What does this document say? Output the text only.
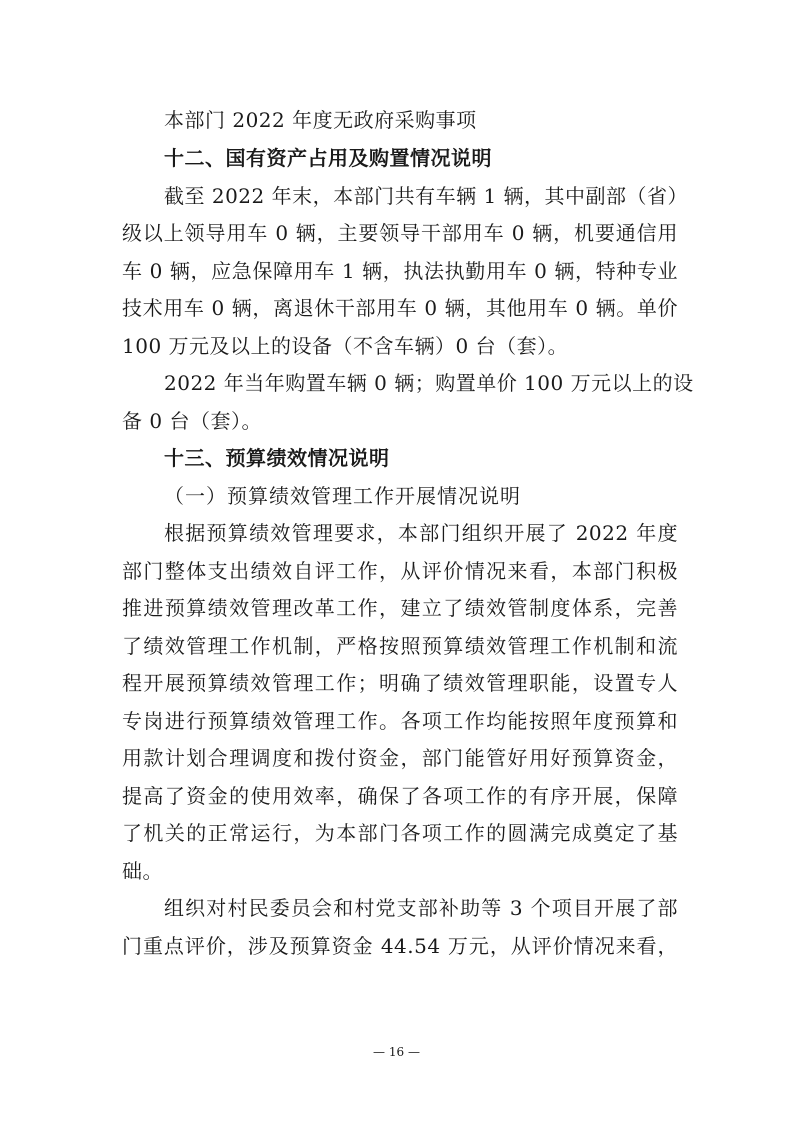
本部门 2022 年度无政府采购事项
十二、国有资产占用及购置情况说明
截至 2022 年末，本部门共有车辆 1 辆，其中副部（省）
级以上领导用车 0 辆，主要领导干部用车 0 辆，机要通信用
车 0 辆，应急保障用车 1 辆，执法执勤用车 0 辆，特种专业
技术用车 0 辆，离退休干部用车 0 辆，其他用车 0 辆。单价
100 万元及以上的设备（不含车辆）0 台（套）。
2022 年当年购置车辆 0 辆；购置单价 100 万元以上的设
备 0 台（套）。
十三、预算绩效情况说明
（一）预算绩效管理工作开展情况说明
根据预算绩效管理要求，本部门组织开展了 2022 年度
部门整体支出绩效自评工作，从评价情况来看，本部门积极
推进预算绩效管理改革工作，建立了绩效管制度体系，完善
了绩效管理工作机制，严格按照预算绩效管理工作机制和流
程开展预算绩效管理工作；明确了绩效管理职能，设置专人
专岗进行预算绩效管理工作。各项工作均能按照年度预算和
用款计划合理调度和拨付资金，部门能管好用好预算资金，
提高了资金的使用效率，确保了各项工作的有序开展，保障
了机关的正常运行，为本部门各项工作的圆满完成奠定了基
础。
组织对村民委员会和村党支部补助等 3 个项目开展了部
门重点评价，涉及预算资金 44.54 万元，从评价情况来看，
— 16 —
